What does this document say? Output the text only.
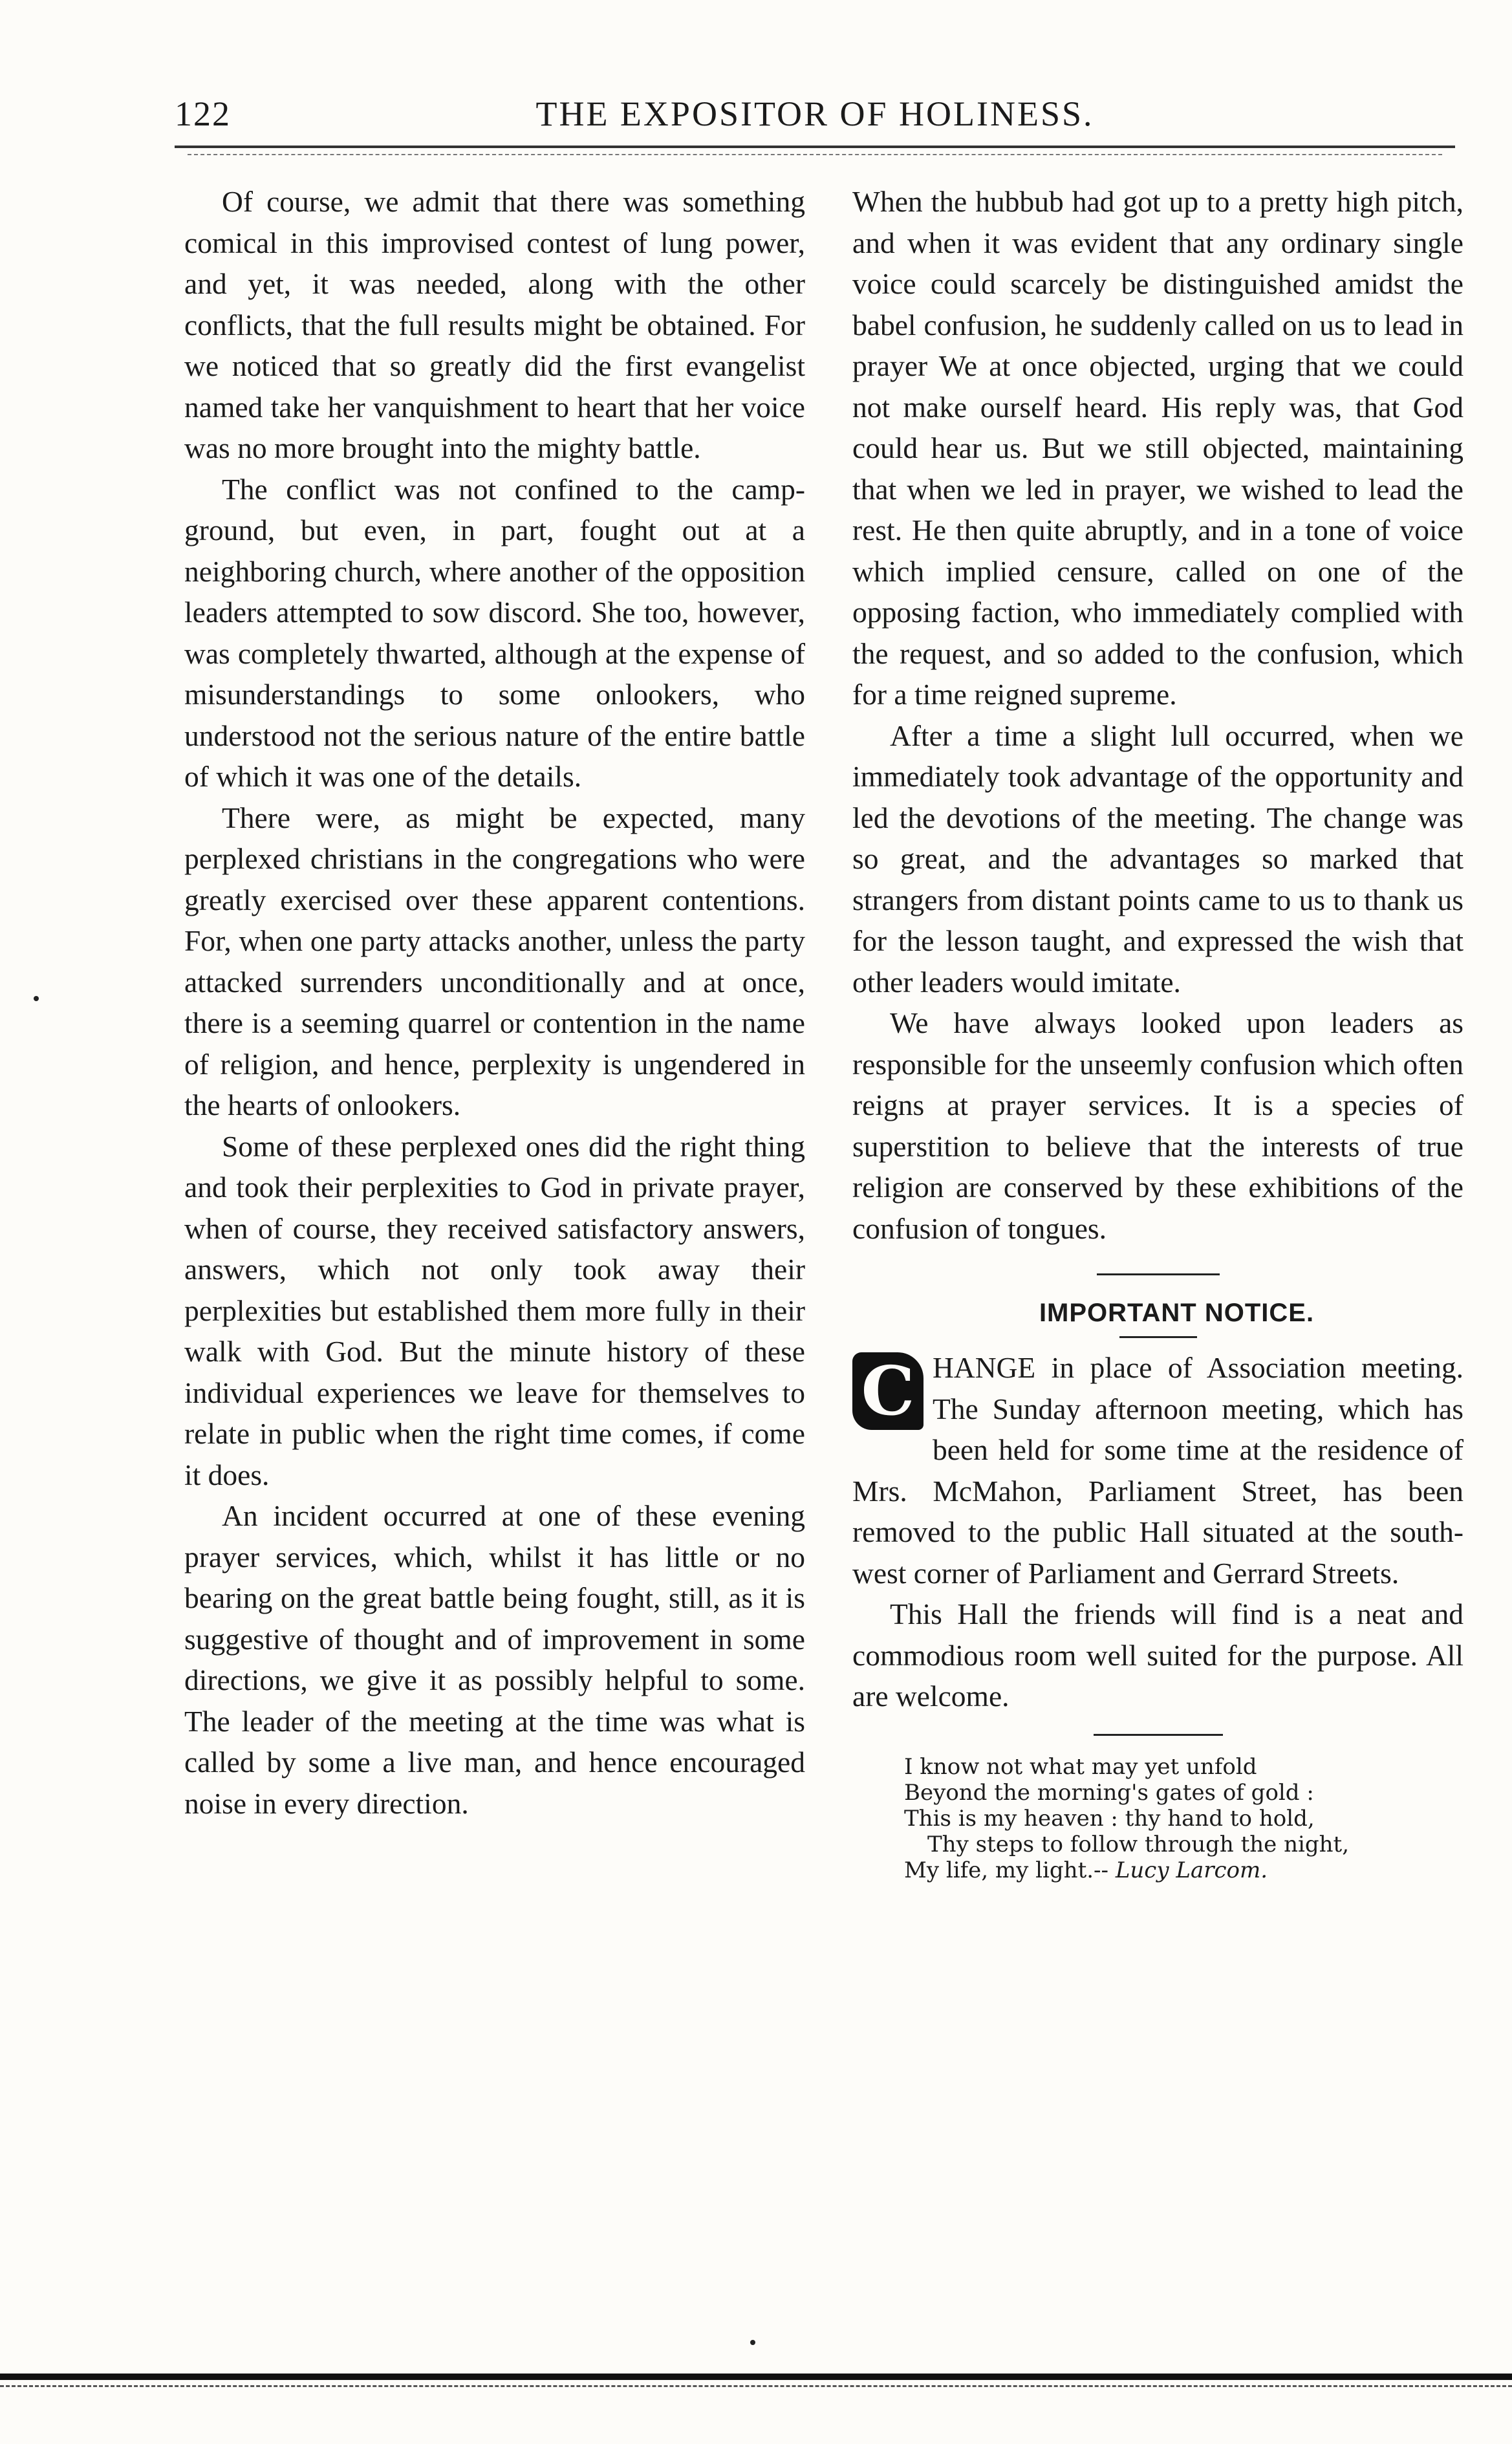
122	THE EXPOSITOR OF HOLINESS.

Of course, we admit that there was something comical in this improvised contest of lung power, and yet, it was needed, along with the other conflicts, that the full results might be obtained. For we noticed that so greatly did the first evangelist named take her vanquishment to heart that her voice was no more brought into the mighty battle.

The conflict was not confined to the camp-ground, but even, in part, fought out at a neighboring church, where another of the opposition leaders attempted to sow discord. She too, however, was completely thwarted, although at the expense of misunderstandings to some onlookers, who understood not the serious nature of the entire battle of which it was one of the details.

There were, as might be expected, many perplexed christians in the congregations who were greatly exercised over these apparent contentions. For, when one party attacks another, unless the party attacked surrenders unconditionally and at once, there is a seeming quarrel or contention in the name of religion, and hence, perplexity is ungendered in the hearts of onlookers.

Some of these perplexed ones did the right thing and took their perplexities to God in private prayer, when of course, they received satisfactory answers, answers, which not only took away their perplexities but established them more fully in their walk with God. But the minute history of these individual experiences we leave for themselves to relate in public when the right time comes, if come it does.

An incident occurred at one of these evening prayer services, which, whilst it has little or no bearing on the great battle being fought, still, as it is suggestive of thought and of improvement in some directions, we give it as possibly helpful to some. The leader of the meeting at the time was what is called by some a live man, and hence encouraged noise in every direction.

When the hubbub had got up to a pretty high pitch, and when it was evident that any ordinary single voice could scarcely be distinguished amidst the babel confusion, he suddenly called on us to lead in prayer We at once objected, urging that we could not make ourself heard. His reply was, that God could hear us. But we still objected, maintaining that when we led in prayer, we wished to lead the rest. He then quite abruptly, and in a tone of voice which implied censure, called on one of the opposing faction, who immediately complied with the request, and so added to the confusion, which for a time reigned supreme.

After a time a slight lull occurred, when we immediately took advantage of the opportunity and led the devotions of the meeting. The change was so great, and the advantages so marked that strangers from distant points came to us to thank us for the lesson taught, and expressed the wish that other leaders would imitate.

We have always looked upon leaders as responsible for the unseemly confusion which often reigns at prayer services. It is a species of superstition to believe that the interests of true religion are conserved by these exhibitions of the confusion of tongues.

IMPORTANT NOTICE.

C HANGE in place of Association meeting. The Sunday afternoon meeting, which has been held for some time at the residence of Mrs. McMahon, Parliament Street, has been removed to the public Hall situated at the south-west corner of Parliament and Gerrard Streets.

This Hall the friends will find is a neat and commodious room well suited for the purpose. All are welcome.

I know not what may yet unfold
Beyond the morning's gates of gold :
This is my heaven : thy hand to hold,
Thy steps to follow through the night,
My life, my light.-- Lucy Larcom.
